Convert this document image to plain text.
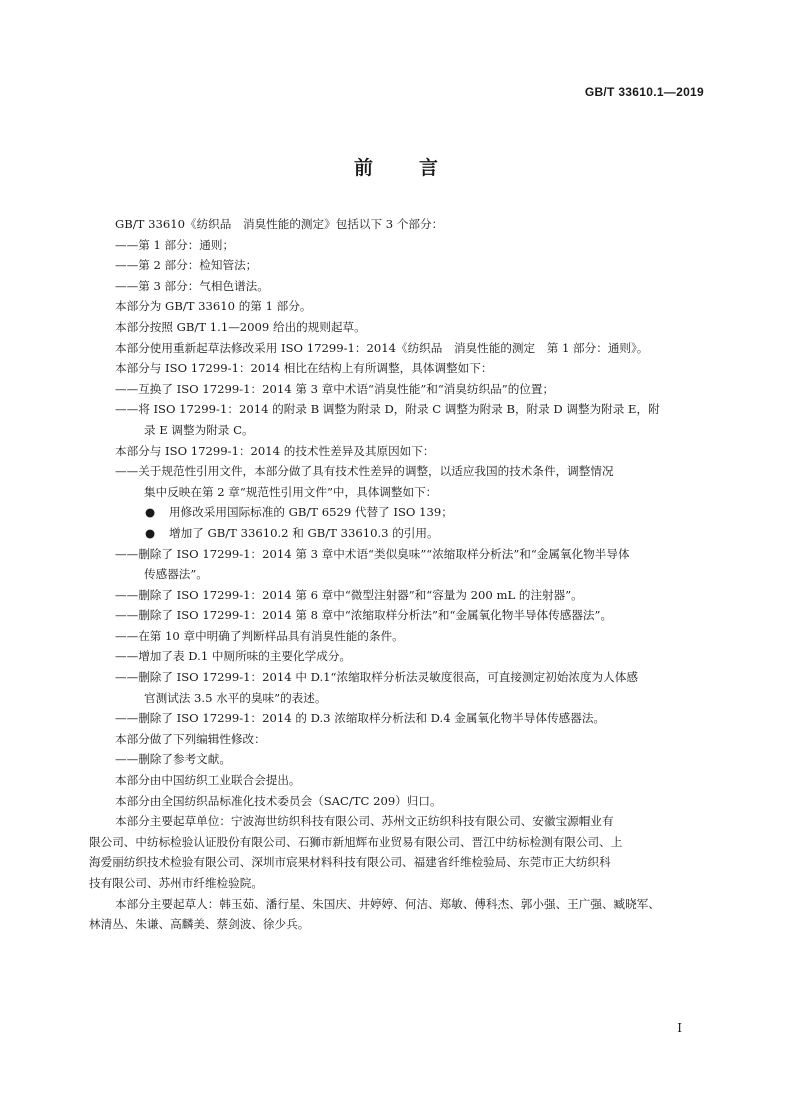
GB/T 33610.1—2019
前言

GB/T 33610《纺织品　消臭性能的测定》包括以下 3 个部分：

——第 1 部分：通则；

——第 2 部分：检知管法；

——第 3 部分：气相色谱法。

本部分为 GB/T 33610 的第 1 部分。

本部分按照 GB/T 1.1—2009 给出的规则起草。

本部分使用重新起草法修改采用 ISO 17299-1：2014《纺织品　消臭性能的测定　第 1 部分：通则》。

本部分与 ISO 17299-1：2014 相比在结构上有所调整，具体调整如下：

——互换了 ISO 17299-1：2014 第 3 章中术语“消臭性能”和“消臭纺织品”的位置；

——将 ISO 17299-1：2014 的附录 B 调整为附录 D，附录 C 调整为附录 B，附录 D 调整为附录 E，附
录 E 调整为附录 C。

本部分与 ISO 17299-1：2014 的技术性差异及其原因如下：

——关于规范性引用文件，本部分做了具有技术性差异的调整，以适应我国的技术条件，调整情况
集中反映在第 2 章“规范性引用文件”中，具体调整如下：

● 用修改采用国际标准的 GB/T 6529 代替了 ISO 139；

● 增加了 GB/T 33610.2 和 GB/T 33610.3 的引用。

——删除了 ISO 17299-1：2014 第 3 章中术语“类似臭味”“浓缩取样分析法”和“金属氧化物半导体
传感器法”。

——删除了 ISO 17299-1：2014 第 6 章中“微型注射器”和“容量为 200 mL 的注射器”。

——删除了 ISO 17299-1：2014 第 8 章中“浓缩取样分析法”和“金属氧化物半导体传感器法”。

——在第 10 章中明确了判断样品具有消臭性能的条件。

——增加了表 D.1 中厕所味的主要化学成分。

——删除了 ISO 17299-1：2014 中 D.1“浓缩取样分析法灵敏度很高，可直接测定初始浓度为人体感
官测试法 3.5 水平的臭味”的表述。

——删除了 ISO 17299-1：2014 的 D.3 浓缩取样分析法和 D.4 金属氧化物半导体传感器法。

本部分做了下列编辑性修改：

——删除了参考文献。

本部分由中国纺织工业联合会提出。

本部分由全国纺织品标准化技术委员会（SAC/TC 209）归口。

本部分主要起草单位：宁波海世纺织科技有限公司、苏州文正纺织科技有限公司、安徽宝源帽业有
限公司、中纺标检验认证股份有限公司、石狮市新旭辉布业贸易有限公司、晋江中纺标检测有限公司、上
海爱丽纺织技术检验有限公司、深圳市宸果材料科技有限公司、福建省纤维检验局、东莞市正大纺织科
技有限公司、苏州市纤维检验院。
本部分主要起草人：韩玉茹、潘行星、朱国庆、井婷婷、何洁、郑敏、傅科杰、郭小强、王广强、臧晓军、
林清丛、朱谦、高麟美、蔡剑波、徐少兵。
I
